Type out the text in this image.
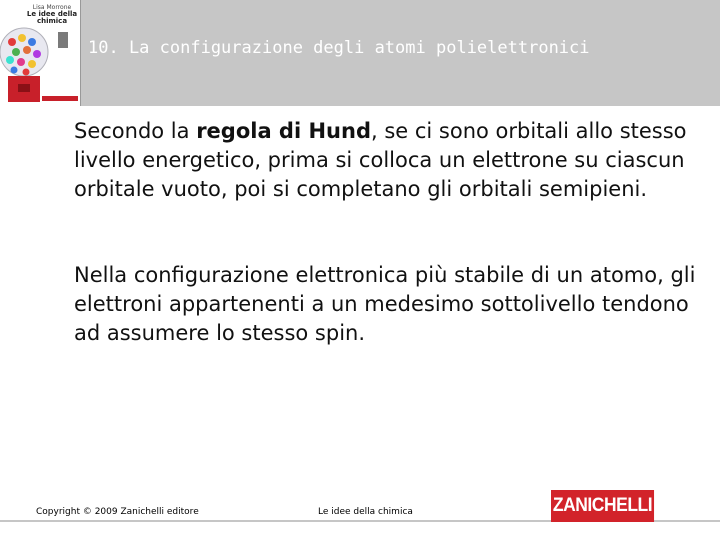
Lisa Morrone
Le idee della chimica
10. La configurazione degli atomi polielettronici
Secondo la regola di Hund, se ci sono orbitali allo stesso livello energetico, prima si colloca un elettrone su ciascun orbitale vuoto, poi si completano gli orbitali semipieni.
Nella configurazione elettronica più stabile di un atomo, gli elettroni appartenenti a un medesimo sottolivello tendono ad assumere lo stesso spin.
Copyright © 2009 Zanichelli editore	Le idee della chimica	ZANICHELLI
